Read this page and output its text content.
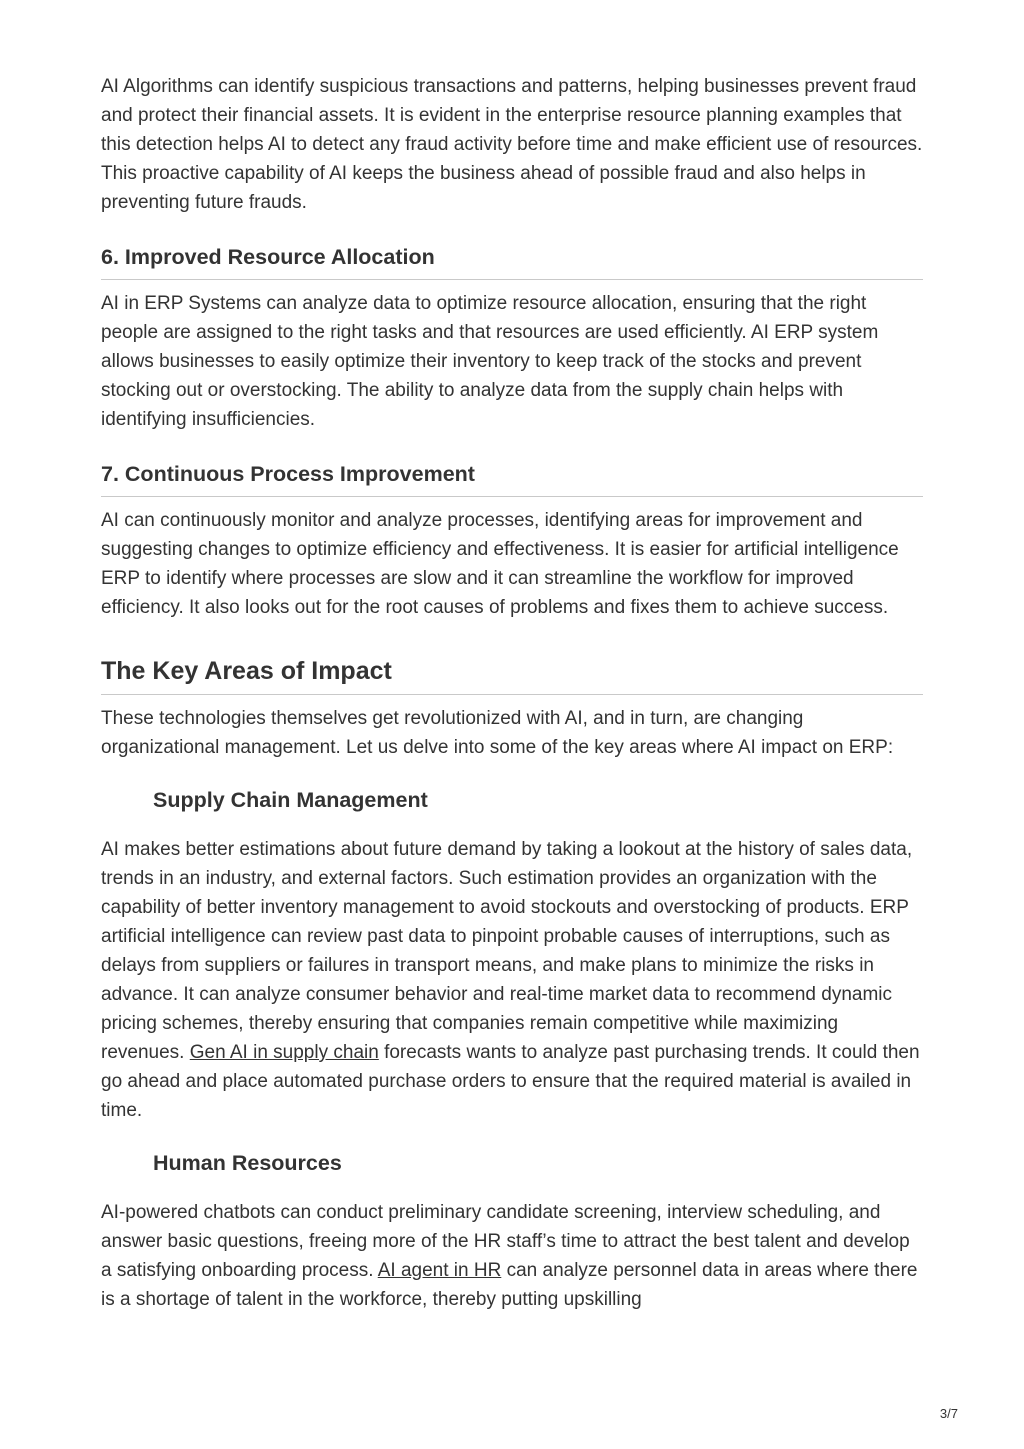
AI Algorithms can identify suspicious transactions and patterns, helping businesses prevent fraud and protect their financial assets. It is evident in the enterprise resource planning examples that this detection helps AI to detect any fraud activity before time and make efficient use of resources. This proactive capability of AI keeps the business ahead of possible fraud and also helps in preventing future frauds.

6. Improved Resource Allocation

AI in ERP Systems can analyze data to optimize resource allocation, ensuring that the right people are assigned to the right tasks and that resources are used efficiently. AI ERP system allows businesses to easily optimize their inventory to keep track of the stocks and prevent stocking out or overstocking. The ability to analyze data from the supply chain helps with identifying insufficiencies.

7. Continuous Process Improvement

AI can continuously monitor and analyze processes, identifying areas for improvement and suggesting changes to optimize efficiency and effectiveness. It is easier for artificial intelligence ERP to identify where processes are slow and it can streamline the workflow for improved efficiency. It also looks out for the root causes of problems and fixes them to achieve success.

The Key Areas of Impact

These technologies themselves get revolutionized with AI, and in turn, are changing organizational management. Let us delve into some of the key areas where AI impact on ERP:

Supply Chain Management

AI makes better estimations about future demand by taking a lookout at the history of sales data, trends in an industry, and external factors. Such estimation provides an organization with the capability of better inventory management to avoid stockouts and overstocking of products. ERP artificial intelligence can review past data to pinpoint probable causes of interruptions, such as delays from suppliers or failures in transport means, and make plans to minimize the risks in advance. It can analyze consumer behavior and real-time market data to recommend dynamic pricing schemes, thereby ensuring that companies remain competitive while maximizing revenues. Gen AI in supply chain forecasts wants to analyze past purchasing trends. It could then go ahead and place automated purchase orders to ensure that the required material is availed in time.

Human Resources

AI-powered chatbots can conduct preliminary candidate screening, interview scheduling, and answer basic questions, freeing more of the HR staff’s time to attract the best talent and develop a satisfying onboarding process. AI agent in HR can analyze personnel data in areas where there is a shortage of talent in the workforce, thereby putting upskilling

3/7
